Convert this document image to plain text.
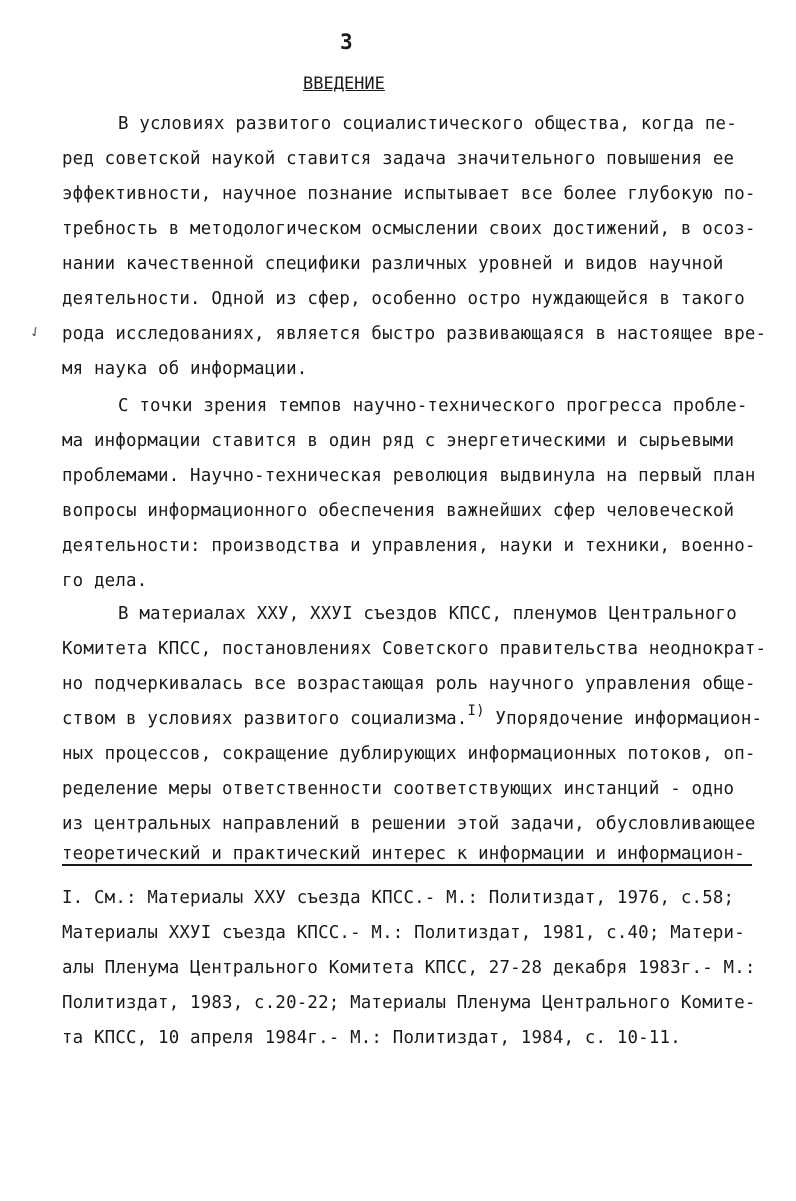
3
ВВЕДЕНИЕ
✓
В условиях развитого социалистического общества, когда пе-
ред советской наукой ставится задача значительного повышения ее
эффективности, научное познание испытывает все более глубокую по-
требность в методологическом осмыслении своих достижений, в осоз-
нании качественной специфики различных уровней и видов научной
деятельности. Одной из сфер, особенно остро нуждающейся в такого
рода исследованиях, является быстро развивающаяся в настоящее вре-
мя наука об информации.
С точки зрения темпов научно-технического прогресса пробле-
ма информации ставится в один ряд с энергетическими и сырьевыми
проблемами. Научно-техническая революция выдвинула на первый план
вопросы информационного обеспечения важнейших сфер человеческой
деятельности: производства и управления, науки и техники, военно-
го дела.
В материалах ХХУ, ХХУI съездов КПСС, пленумов Центрального
Комитета КПСС, постановлениях Советского правительства неоднократ-
но подчеркивалась все возрастающая роль научного управления обще-
ством в условиях развитого социализма.$^{I)}$ Упорядочение информацион-
ных процессов, сокращение дублирующих информационных потоков, оп-
ределение меры ответственности соответствующих инстанций - одно
из центральных направлений в решении этой задачи, обусловливающее
теоретический и практический интерес к информации и информацион-
I. См.: Материалы ХХУ съезда КПСС.- М.: Политиздат, 1976, с.58;
Материалы ХХУI съезда КПСС.- М.: Политиздат, 1981, с.40; Матери-
алы Пленума Центрального Комитета КПСС, 27-28 декабря 1983г.- М.:
Политиздат, 1983, с.20-22; Материалы Пленума Центрального Комите-
та КПСС, 10 апреля 1984г.- М.: Политиздат, 1984, с. 10-11.
